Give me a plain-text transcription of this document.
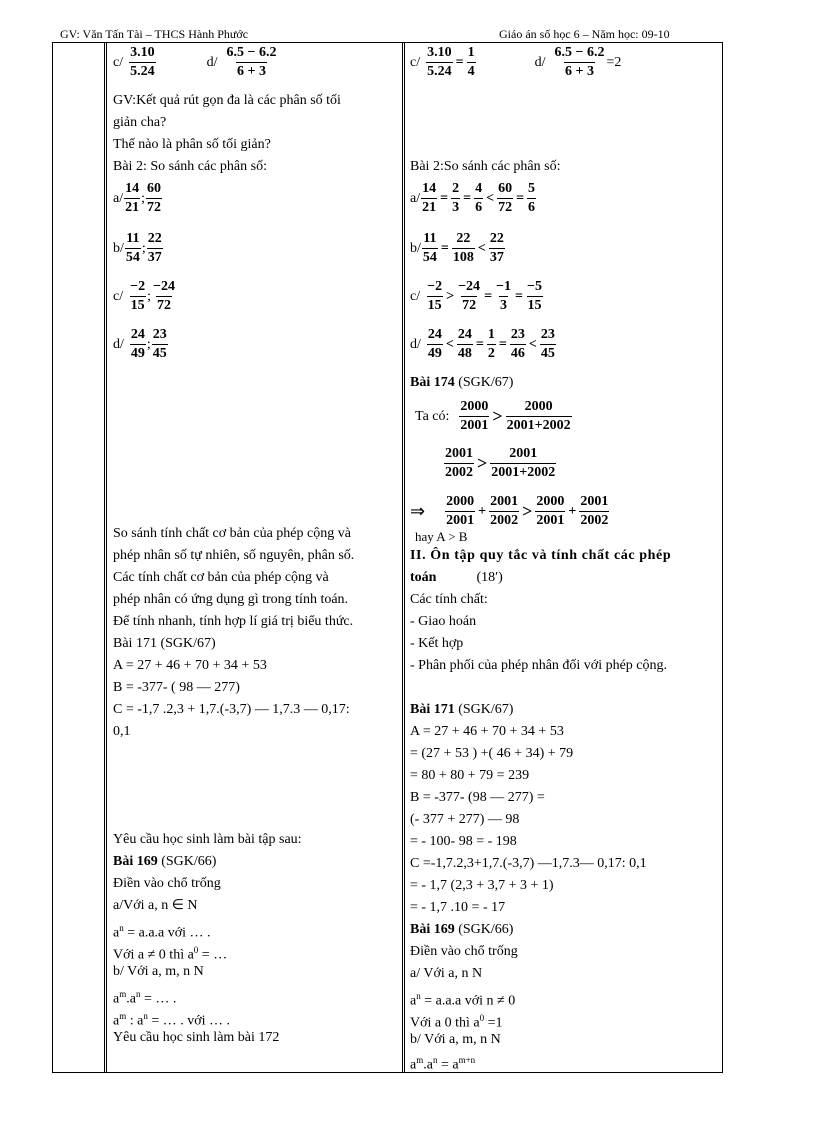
GV: Văn Tấn Tài – THCS Hành Phước	Giáo án số học 6 – Năm học: 09-10
c/
3.10
5.24
d/
6.5 − 6.2
6 + 3
GV:Kết quả rút gọn đa là các phân số tối
giản cha?
Thế nào là phân số tối giản?
Bài 2: So sánh các phân số:
a/
14
21
;
60
72
b/
11
54
;
22
37
c/
−2
15
;
−24
72
d/
24
49
;
23
45
So sánh tính chất cơ bản của phép cộng và
phép nhân số tự nhiên, số nguyên, phân số.
Các tính chất cơ bản của phép cộng và
phép nhân có ứng dụng gì trong tính toán.
Để tính nhanh, tính hợp lí giá trị biểu thức.
Bài 171 (SGK/67)
A = 27 + 46 + 70 + 34 + 53
B = -377- ( 98 — 277)
C = -1,7 .2,3 + 1,7.(-3,7) — 1,7.3 — 0,17:
0,1
Yêu cầu học sinh làm bài tập sau:
Bài 169 (SGK/66)
Điền vào chổ trống
a/Với a, n ∈ N
$a^n = a.a.a$ với … .
Với a ≠ 0 thì $a^0$ = …
b/ Với a, m, n N
$a^m.a^n$ = … .
$a^m$ : $a^n$ = … . với … .
Yêu cầu học sinh làm bài 172
$c/ \frac{3.10}{5.24} = \frac{1}{4}$	$d/ \frac{6.5 - 6.2}{6 + 3} =2$
Bài 2:So sánh các phân số:
$a/ \frac{14}{21} = \frac{2}{3} = \frac{4}{6} < \frac{60}{72} = \frac{5}{6}$
$b/ \frac{11}{54} = \frac{22}{108}$ <
22
37
c/
−2
15
> $\frac{-24}{72} = \frac{-1}{3} = \frac{-5}{15}$
d/
24
49
< $\frac{24}{48} = \frac{1}{2} = \frac{23}{46}$ <
23
45
Bài 174 (SGK/67)
Ta có:
2000
2001 > 2000
2001+2002
2001
2002 > 2001
2001+2002
⇒ 2000
2001
+ $\frac{2001}{2002} > 2000$
2001
+ $\frac{2001}{2002}$
hay A > B
II. Ôn tập quy tắc và tính chất các phép
toán	(18′)
Các tính chất:
- Giao hoán
- Kết hợp
- Phân phối của phép nhân đối với phép cộng.
Bài 171 (SGK/67)
A = 27 + 46 + 70 + 34 + 53
= (27 + 53 ) +( 46 + 34) + 79
= 80 + 80 + 79 = 239
B = -377- (98 — 277) =
(- 377 + 277) — 98
= - 100- 98 = - 198
C =-1,7.2,3+1,7.(-3,7) —1,7.3— 0,17: 0,1
= - 1,7 (2,3 + 3,7 + 3 + 1)
= - 1,7 .10 = - 17
Bài 169 (SGK/66)
Điền vào chổ trống
a/ Với a, n N
$a^n = a.a.a$ với n ≠ 0
Với a 0 thì $a^0 =1$
b/ Với a, m, n N
$a^m.a^n = a^{m+n}$
